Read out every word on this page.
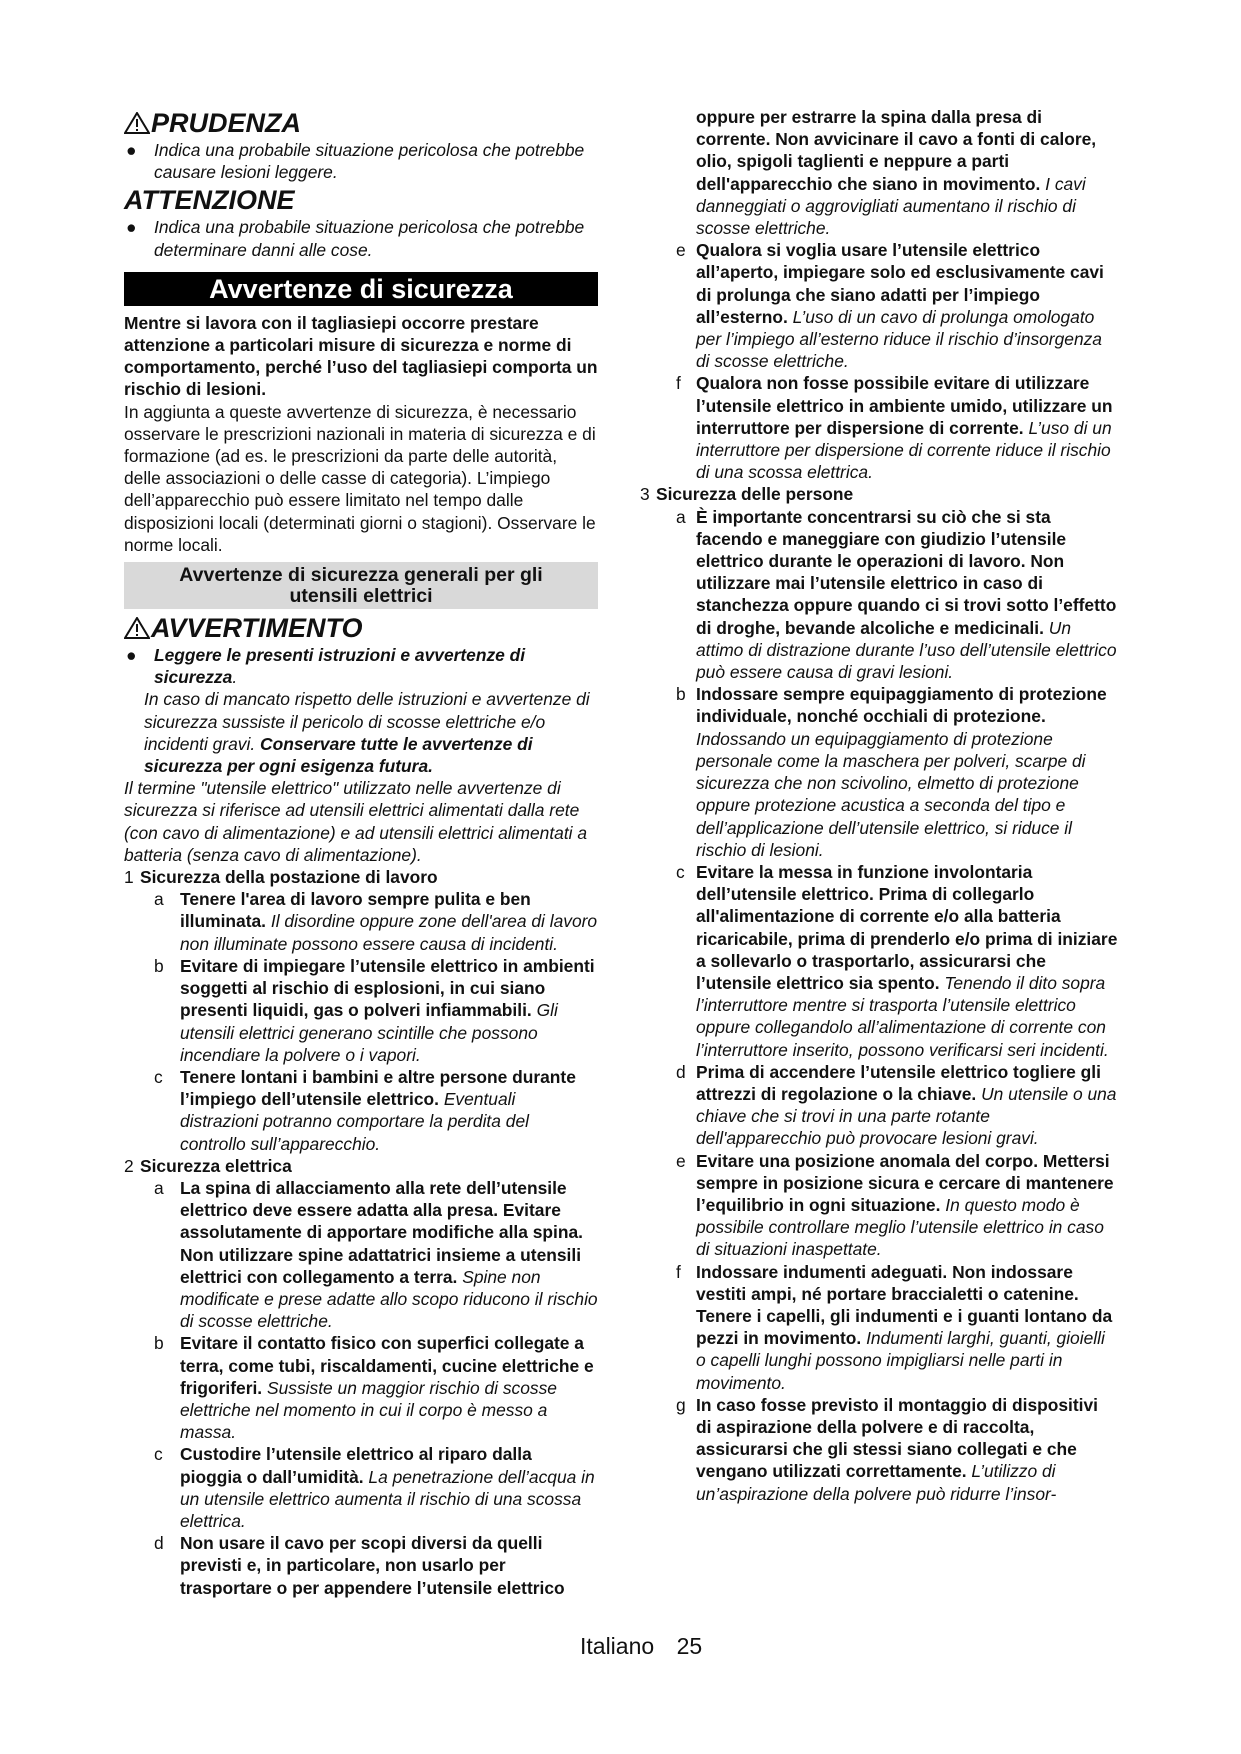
PRUDENZA
● Indica una probabile situazione pericolosa che potrebbe causare lesioni leggere.
ATTENZIONE
● Indica una probabile situazione pericolosa che potrebbe determinare danni alle cose.
Avvertenze di sicurezza

Mentre si lavora con il tagliasiepi occorre prestare attenzione a particolari misure di sicurezza e norme di comportamento, perché l’uso del tagliasiepi comporta un rischio di lesioni.

In aggiunta a queste avvertenze di sicurezza, è necessario osservare le prescrizioni nazionali in materia di sicurezza e di formazione (ad es. le prescrizioni da parte delle autorità, delle associazioni o delle casse di categoria). L’impiego dell’apparecchio può essere limitato nel tempo dalle disposizioni locali (determinati giorni o stagioni). Osservare le norme locali.

Avvertenze di sicurezza generali per gli utensili elettrici
AVVERTIMENTO
● Leggere le presenti istruzioni e avvertenze di sicurezza.

In caso di mancato rispetto delle istruzioni e avvertenze di sicurezza sussiste il pericolo di scosse elettriche e/o incidenti gravi. Conservare tutte le avvertenze di sicurezza per ogni esigenza futura.

Il termine "utensile elettrico" utilizzato nelle avvertenze di sicurezza si riferisce ad utensili elettrici alimentati dalla rete (con cavo di alimentazione) e ad utensili elettrici alimentati a batteria (senza cavo di alimentazione).

1 Sicurezza della postazione di lavoro
a Tenere l'area di lavoro sempre pulita e ben illuminata. Il disordine oppure zone dell'area di lavoro non illuminate possono essere causa di incidenti.
b Evitare di impiegare l’utensile elettrico in ambienti soggetti al rischio di esplosioni, in cui siano presenti liquidi, gas o polveri infiammabili. Gli utensili elettrici generano scintille che possono incendiare la polvere o i vapori.
c Tenere lontani i bambini e altre persone durante l’impiego dell’utensile elettrico. Eventuali distrazioni potranno comportare la perdita del controllo sull’apparecchio.
2 Sicurezza elettrica
a La spina di allacciamento alla rete dell’utensile elettrico deve essere adatta alla presa. Evitare assolutamente di apportare modifiche alla spina. Non utilizzare spine adattatrici insieme a utensili elettrici con collegamento a terra. Spine non modificate e prese adatte allo scopo riducono il rischio di scosse elettriche.
b Evitare il contatto fisico con superfici collegate a terra, come tubi, riscaldamenti, cucine elettriche e frigoriferi. Sussiste un maggior rischio di scosse elettriche nel momento in cui il corpo è messo a massa.
c Custodire l’utensile elettrico al riparo dalla pioggia o dall’umidità. La penetrazione dell’acqua in un utensile elettrico aumenta il rischio di una scossa elettrica.
d Non usare il cavo per scopi diversi da quelli previsti e, in particolare, non usarlo per trasportare o per appendere l’utensile elettrico
oppure per estrarre la spina dalla presa di corrente. Non avvicinare il cavo a fonti di calore, olio, spigoli taglienti e neppure a parti dell'apparecchio che siano in movimento. I cavi danneggiati o aggrovigliati aumentano il rischio di scosse elettriche.
e Qualora si voglia usare l’utensile elettrico all’aperto, impiegare solo ed esclusivamente cavi di prolunga che siano adatti per l’impiego all’esterno. L’uso di un cavo di prolunga omologato per l’impiego all’esterno riduce il rischio d’insorgenza di scosse elettriche.
f Qualora non fosse possibile evitare di utilizzare l’utensile elettrico in ambiente umido, utilizzare un interruttore per dispersione di corrente. L’uso di un interruttore per dispersione di corrente riduce il rischio di una scossa elettrica.
3 Sicurezza delle persone
a È importante concentrarsi su ciò che si sta facendo e maneggiare con giudizio l’utensile elettrico durante le operazioni di lavoro. Non utilizzare mai l’utensile elettrico in caso di stanchezza oppure quando ci si trovi sotto l’effetto di droghe, bevande alcoliche e medicinali. Un attimo di distrazione durante l’uso dell’utensile elettrico può essere causa di gravi lesioni.
b Indossare sempre equipaggiamento di protezione individuale, nonché occhiali di protezione. Indossando un equipaggiamento di protezione personale come la maschera per polveri, scarpe di sicurezza che non scivolino, elmetto di protezione oppure protezione acustica a seconda del tipo e dell’applicazione dell’utensile elettrico, si riduce il rischio di lesioni.
c Evitare la messa in funzione involontaria dell’utensile elettrico. Prima di collegarlo all'alimentazione di corrente e/o alla batteria ricaricabile, prima di prenderlo e/o prima di iniziare a sollevarlo o trasportarlo, assicurarsi che l’utensile elettrico sia spento. Tenendo il dito sopra l’interruttore mentre si trasporta l’utensile elettrico oppure collegandolo all’alimentazione di corrente con l’interruttore inserito, possono verificarsi seri incidenti.
d Prima di accendere l’utensile elettrico togliere gli attrezzi di regolazione o la chiave. Un utensile o una chiave che si trovi in una parte rotante dell'apparecchio può provocare lesioni gravi.
e Evitare una posizione anomala del corpo. Mettersi sempre in posizione sicura e cercare di mantenere l’equilibrio in ogni situazione. In questo modo è possibile controllare meglio l’utensile elettrico in caso di situazioni inaspettate.
f Indossare indumenti adeguati. Non indossare vestiti ampi, né portare braccialetti o catenine. Tenere i capelli, gli indumenti e i guanti lontano da pezzi in movimento. Indumenti larghi, guanti, gioielli o capelli lunghi possono impigliarsi nelle parti in movimento.
g In caso fosse previsto il montaggio di dispositivi di aspirazione della polvere e di raccolta, assicurarsi che gli stessi siano collegati e che vengano utilizzati correttamente. L’utilizzo di un’aspirazione della polvere può ridurre l’insor-
Italiano 25
